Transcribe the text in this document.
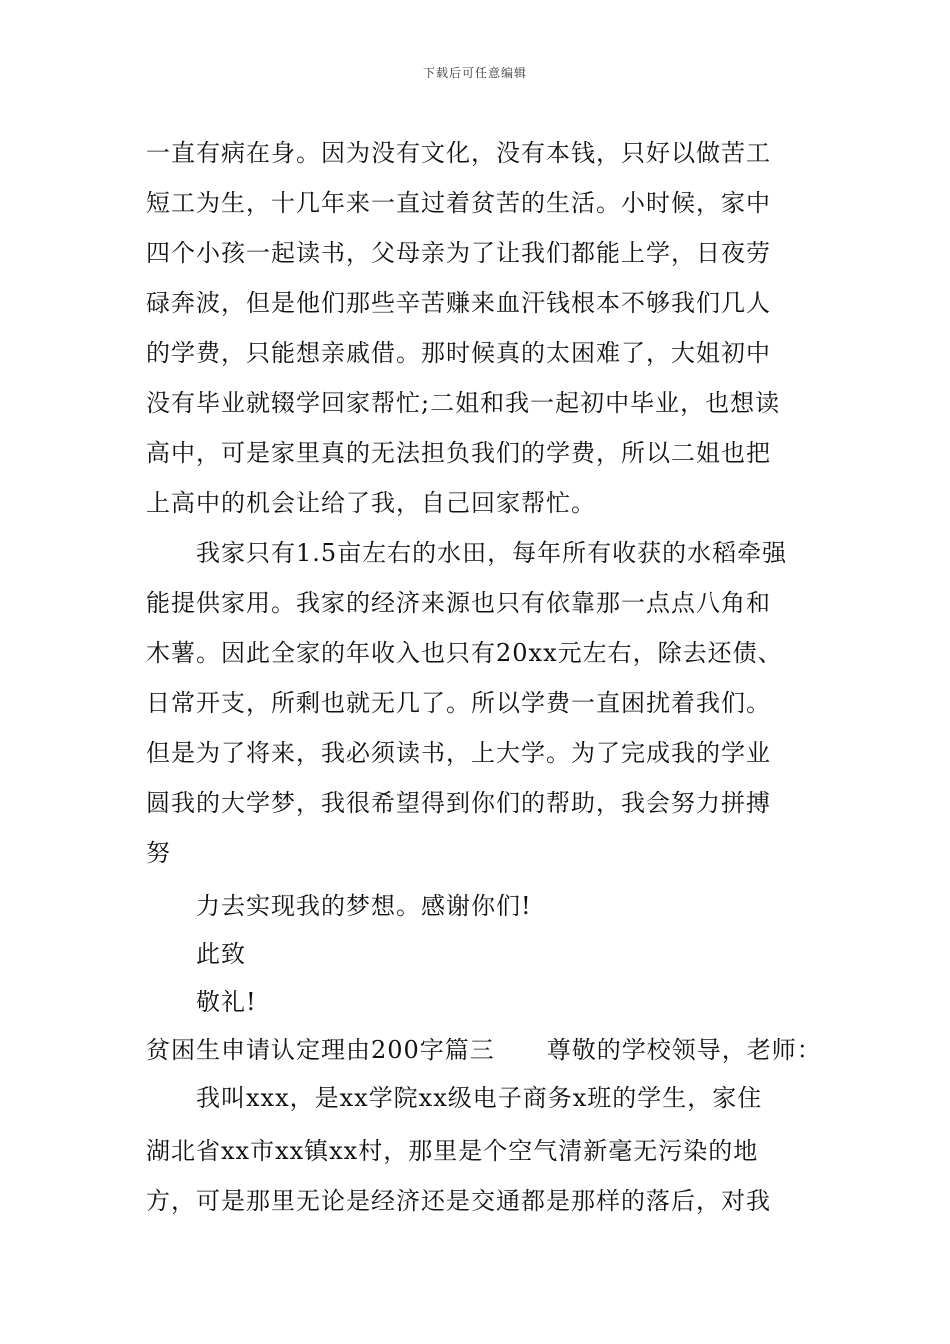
下载后可任意编辑
一直有病在身。因为没有文化，没有本钱，只好以做苦工
短工为生，十几年来一直过着贫苦的生活。小时候，家中
四个小孩一起读书，父母亲为了让我们都能上学，日夜劳
碌奔波，但是他们那些辛苦赚来血汗钱根本不够我们几人
的学费，只能想亲戚借。那时候真的太困难了，大姐初中
没有毕业就辍学回家帮忙;二姐和我一起初中毕业，也想读
高中，可是家里真的无法担负我们的学费，所以二姐也把
上高中的机会让给了我，自己回家帮忙。
我家只有1.5亩左右的水田，每年所有收获的水稻牵强
能提供家用。我家的经济来源也只有依靠那一点点八角和
木薯。因此全家的年收入也只有20xx元左右，除去还债、
日常开支，所剩也就无几了。所以学费一直困扰着我们。
但是为了将来，我必须读书，上大学。为了完成我的学业
圆我的大学梦，我很希望得到你们的帮助，我会努力拼搏
努
力去实现我的梦想。感谢你们!
此致
敬礼!
贫困生申请认定理由200字篇三 尊敬的学校领导，老师：
我叫xxx，是xx学院xx级电子商务x班的学生，家住
湖北省xx市xx镇xx村，那里是个空气清新毫无污染的地
方，可是那里无论是经济还是交通都是那样的落后，对我
